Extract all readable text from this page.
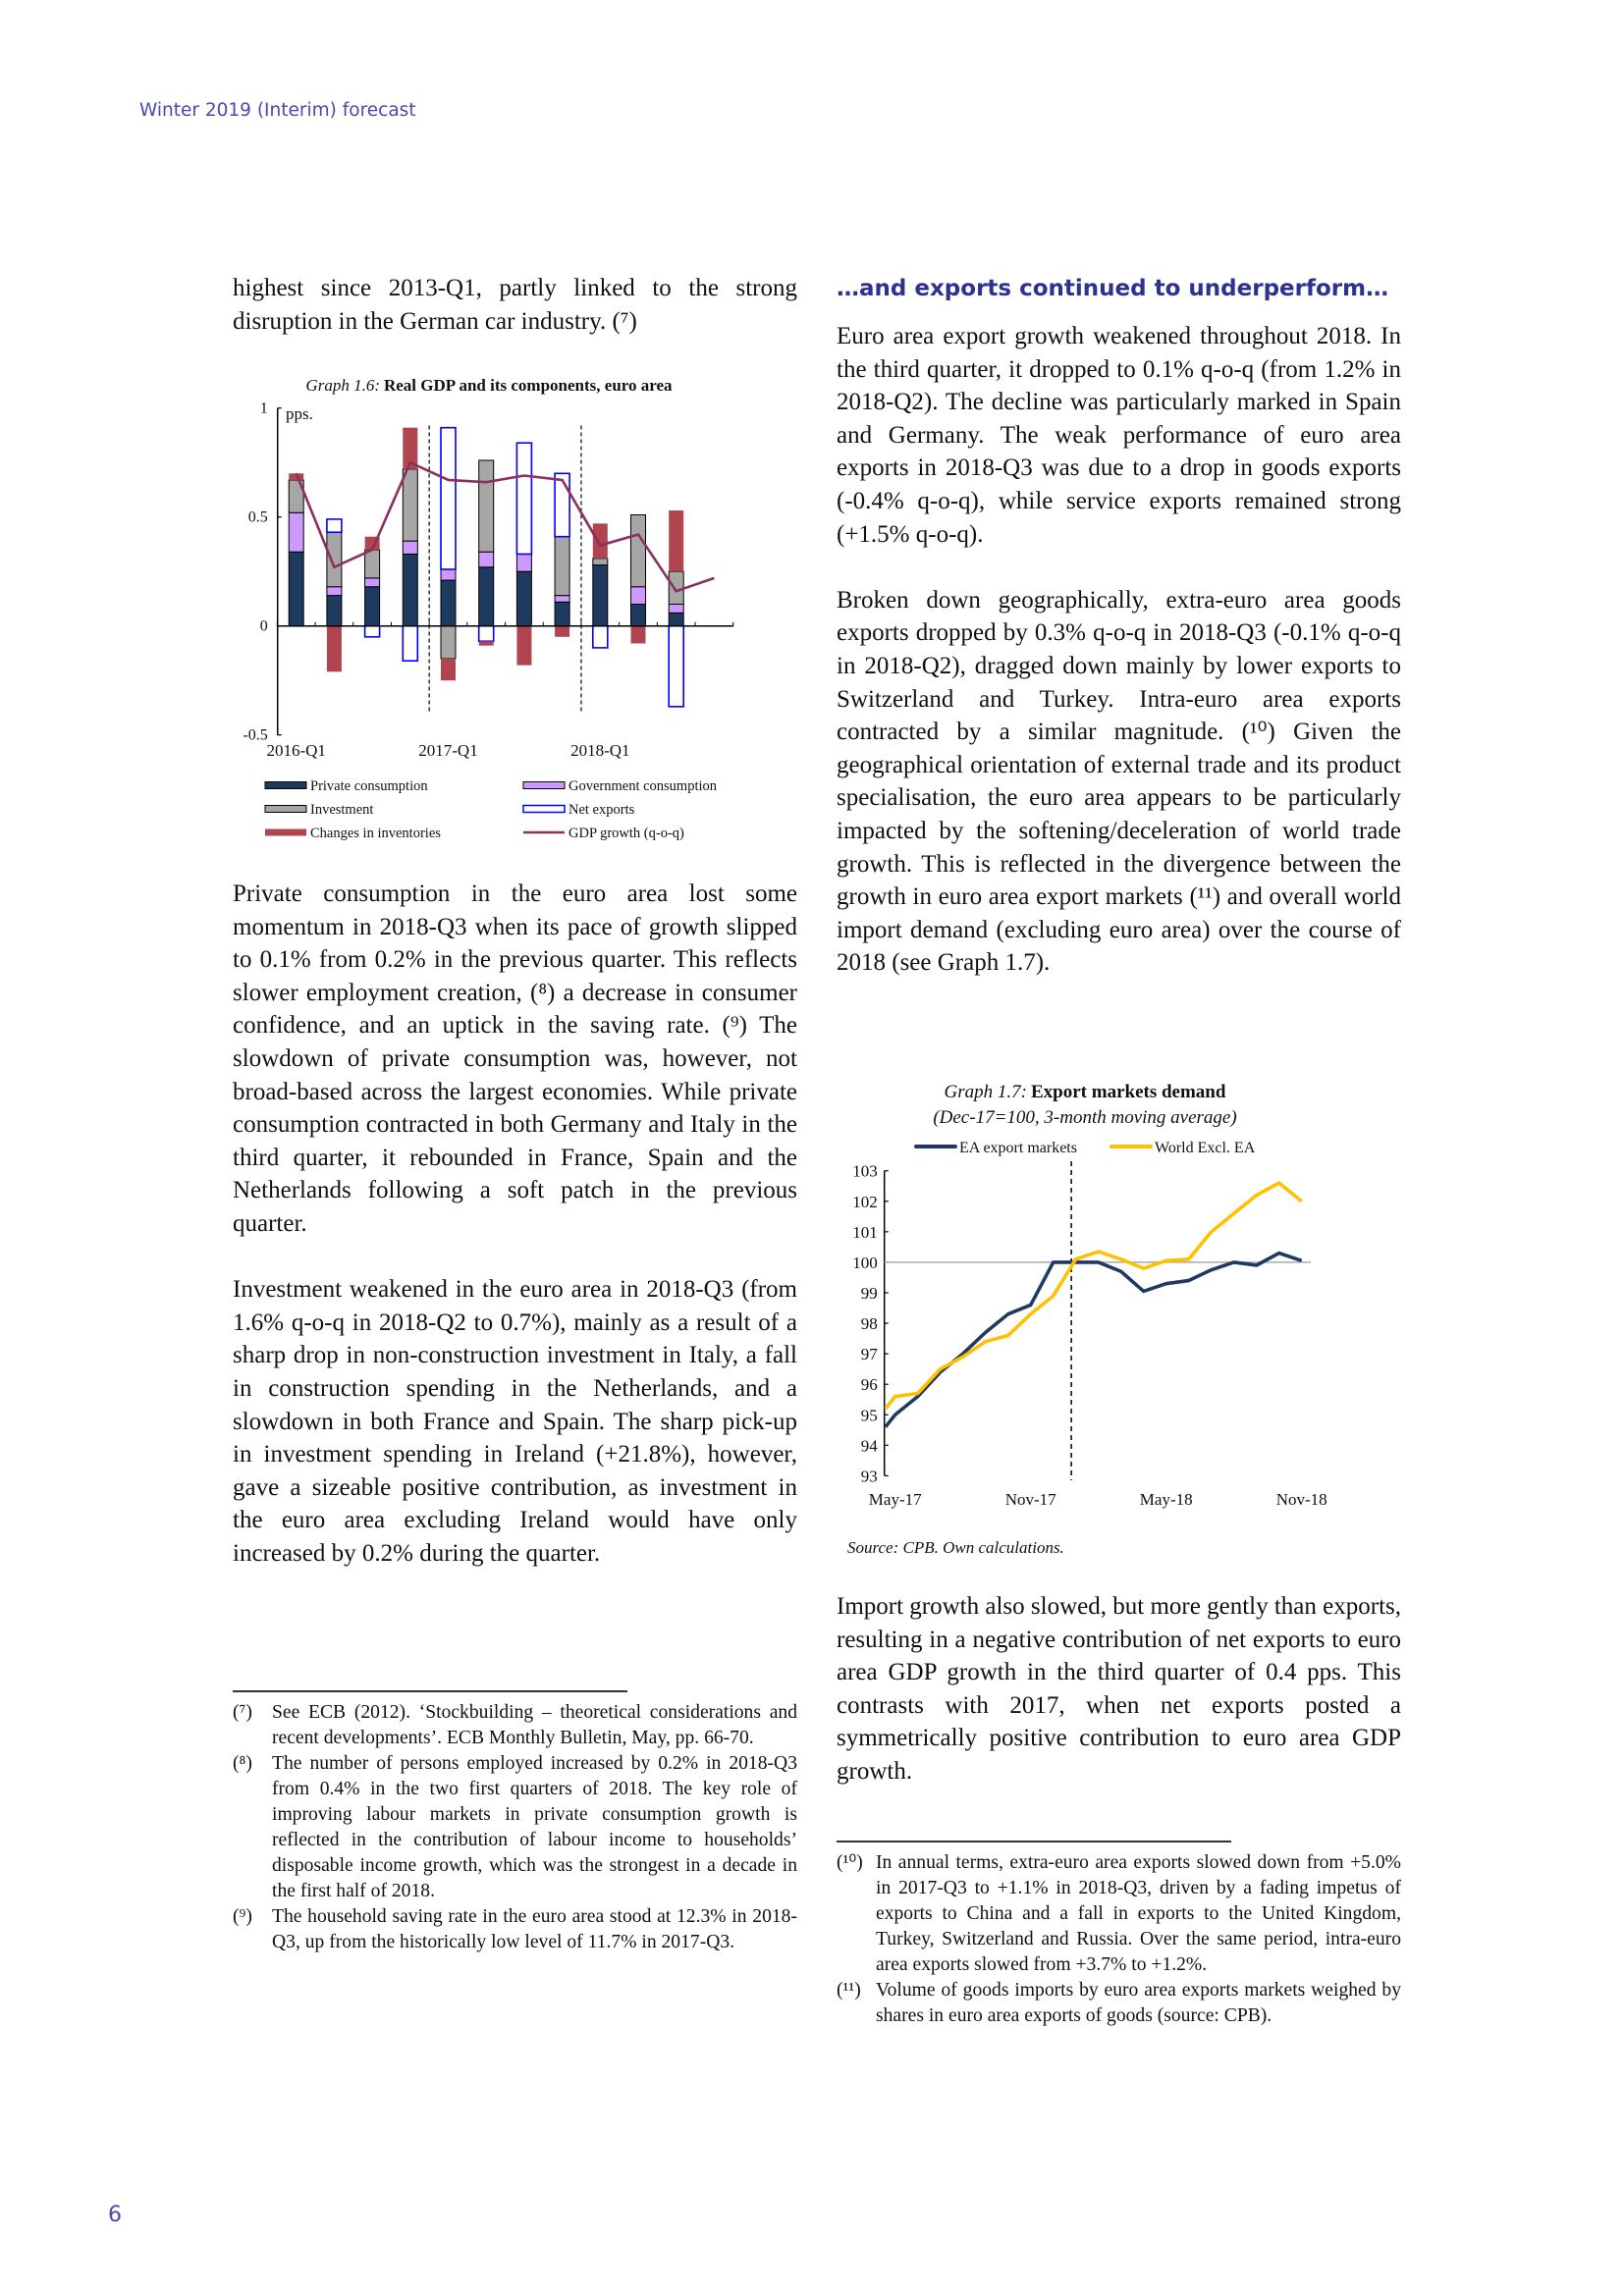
Winter 2019 (Interim) forecast

highest since 2013-Q1, partly linked to the strong disruption in the German car industry. (⁷)

Private consumption in the euro area lost some momentum in 2018-Q3 when its pace of growth slipped to 0.1% from 0.2% in the previous quarter. This reflects slower employment creation, (⁸) a decrease in consumer confidence, and an uptick in the saving rate. (⁹) The slowdown of private consumption was, however, not broad-based across the largest economies. While private consumption contracted in both Germany and Italy in the third quarter, it rebounded in France, Spain and the Netherlands following a soft patch in the previous quarter.

Investment weakened in the euro area in 2018-Q3 (from 1.6% q-o-q in 2018-Q2 to 0.7%), mainly as a result of a sharp drop in non-construction investment in Italy, a fall in construction spending in the Netherlands, and a slowdown in both France and Spain. The sharp pick-up in investment spending in Ireland (+21.8%), however, gave a sizeable positive contribution, as investment in the euro area excluding Ireland would have only increased by 0.2% during the quarter.

(⁷)	See ECB (2012). ‘Stockbuilding – theoretical considerations and recent developments’. ECB Monthly Bulletin, May, pp. 66-70.
(⁸)	The number of persons employed increased by 0.2% in 2018-Q3 from 0.4% in the two first quarters of 2018. The key role of improving labour markets in private consumption growth is reflected in the contribution of labour income to households’ disposable income growth, which was the strongest in a decade in the first half of 2018.
(⁹)	The household saving rate in the euro area stood at 12.3% in 2018-Q3, up from the historically low level of 11.7% in 2017-Q3.
…and exports continued to underperform…

Euro area export growth weakened throughout 2018. In the third quarter, it dropped to 0.1% q-o-q (from 1.2% in 2018-Q2). The decline was particularly marked in Spain and Germany. The weak performance of euro area exports in 2018-Q3 was due to a drop in goods exports (-0.4% q-o-q), while service exports remained strong (+1.5% q-o-q).

Broken down geographically, extra-euro area goods exports dropped by 0.3% q-o-q in 2018-Q3 (-0.1% q-o-q in 2018-Q2), dragged down mainly by lower exports to Switzerland and Turkey. Intra-euro area exports contracted by a similar magnitude. (¹⁰) Given the geographical orientation of external trade and its product specialisation, the euro area appears to be particularly impacted by the softening/deceleration of world trade growth. This is reflected in the divergence between the growth in euro area export markets (¹¹) and overall world import demand (excluding euro area) over the course of 2018 (see Graph 1.7).

Import growth also slowed, but more gently than exports, resulting in a negative contribution of net exports to euro area GDP growth in the third quarter of 0.4 pps. This contrasts with 2017, when net exports posted a symmetrically positive contribution to euro area GDP growth.

(¹⁰) In annual terms, extra-euro area exports slowed down from +5.0% in 2017-Q3 to +1.1% in 2018-Q3, driven by a fading impetus of exports to China and a fall in exports to the United Kingdom, Turkey, Switzerland and Russia. Over the same period, intra-euro area exports slowed from +3.7% to +1.2%.
(¹¹) Volume of goods imports by euro area exports markets weighed by shares in euro area exports of goods (source: CPB).
6
Graph 1.6: Real GDP and its components, euro area
pps.
1
0.5
0
-0.5
2016-Q1	2017-Q1	2018-Q1
Private consumption
Investment
Changes in inventories
Government consumption
Net exports
GDP growth (q-o-q)
Graph 1.7: Export markets demand
(Dec-17=100, 3-month moving average)
Source: CPB. Own calculations.
103
102
101
100
99
98
97
96
95
94
93
May-17	Nov-17	May-18	Nov-18
EA export markets	World Excl. EA
